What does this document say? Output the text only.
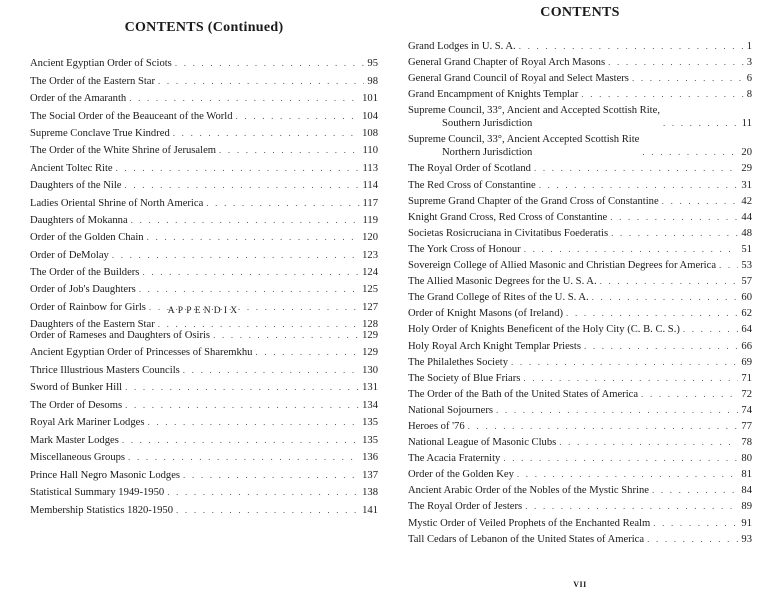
CONTENTS (Continued)
Ancient Egyptian Order of Sciots . . .	95
The Order of the Eastern Star . . .	98
Order of the Amaranth . . .	101
The Social Order of the Beauceant of the World . . .	104
Supreme Conclave True Kindred . . .	108
The Order of the White Shrine of Jerusalem . . .	110
Ancient Toltec Rite . . .	113
Daughters of the Nile . . .	114
Ladies Oriental Shrine of North America . . .	117
Daughters of Mokanna . . .	119
Order of the Golden Chain . . .	120
Order of DeMolay . . .	123
The Order of the Builders . . .	124
Order of Job's Daughters . . .	125
Order of Rainbow for Girls . . .	127
Daughters of the Eastern Star . . .	128
APPENDIX
Order of Rameses and Daughters of Osiris . . .	129
Ancient Egyptian Order of Princesses of Sharemkhu . . .	129
Thrice Illustrious Masters Councils . . .	130
Sword of Bunker Hill . . .	131
The Order of Desoms . . .	134
Royal Ark Mariner Lodges . . .	135
Mark Master Lodges . . .	135
Miscellaneous Groups . . .	136
Prince Hall Negro Masonic Lodges . . .	137
Statistical Summary 1949-1950 . . .	138
Membership Statistics 1820-1950 . . .	141
CONTENTS
Grand Lodges in U. S. A. . . .	1
General Grand Chapter of Royal Arch Masons . . .	3
General Grand Council of Royal and Select Masters . . .	6
Grand Encampment of Knights Templar . . .	8
Supreme Council, 33°, Ancient and Accepted Scottish Rite,
Southern Jurisdiction . . .	11
Supreme Council, 33°, Ancient Accepted Scottish Rite
Northern Jurisdiction . . .	20
The Royal Order of Scotland . . .	29
The Red Cross of Constantine . . .	31
Supreme Grand Chapter of the Grand Cross of Constantine . . .	42
Knight Grand Cross, Red Cross of Constantine . . .	44
Societas Rosicruciana in Civitatibus Foederatis . . .	48
The York Cross of Honour . . .	51
Sovereign College of Allied Masonic and Christian Degrees for America . . . 53
The Allied Masonic Degrees for the U. S. A. . . .	57
The Grand College of Rites of the U. S. A. . . .	60
Order of Knight Masons (of Ireland) . . .	62
Holy Order of Knights Beneficent of the Holy City (C. B. C. S.) . . .	64
Holy Royal Arch Knight Templar Priests . . .	66
The Philalethes Society . . .	69
The Society of Blue Friars . . .	71
The Order of the Bath of the United States of America . . .	72
National Sojourners . . .	74
Heroes of '76 . . .	77
National League of Masonic Clubs . . .	78
The Acacia Fraternity . . .	80
Order of the Golden Key . . .	81
Ancient Arabic Order of the Nobles of the Mystic Shrine . . .	84
The Royal Order of Jesters . . .	89
Mystic Order of Veiled Prophets of the Enchanted Realm . . .	91
Tall Cedars of Lebanon of the United States of America . . .	93
VII
